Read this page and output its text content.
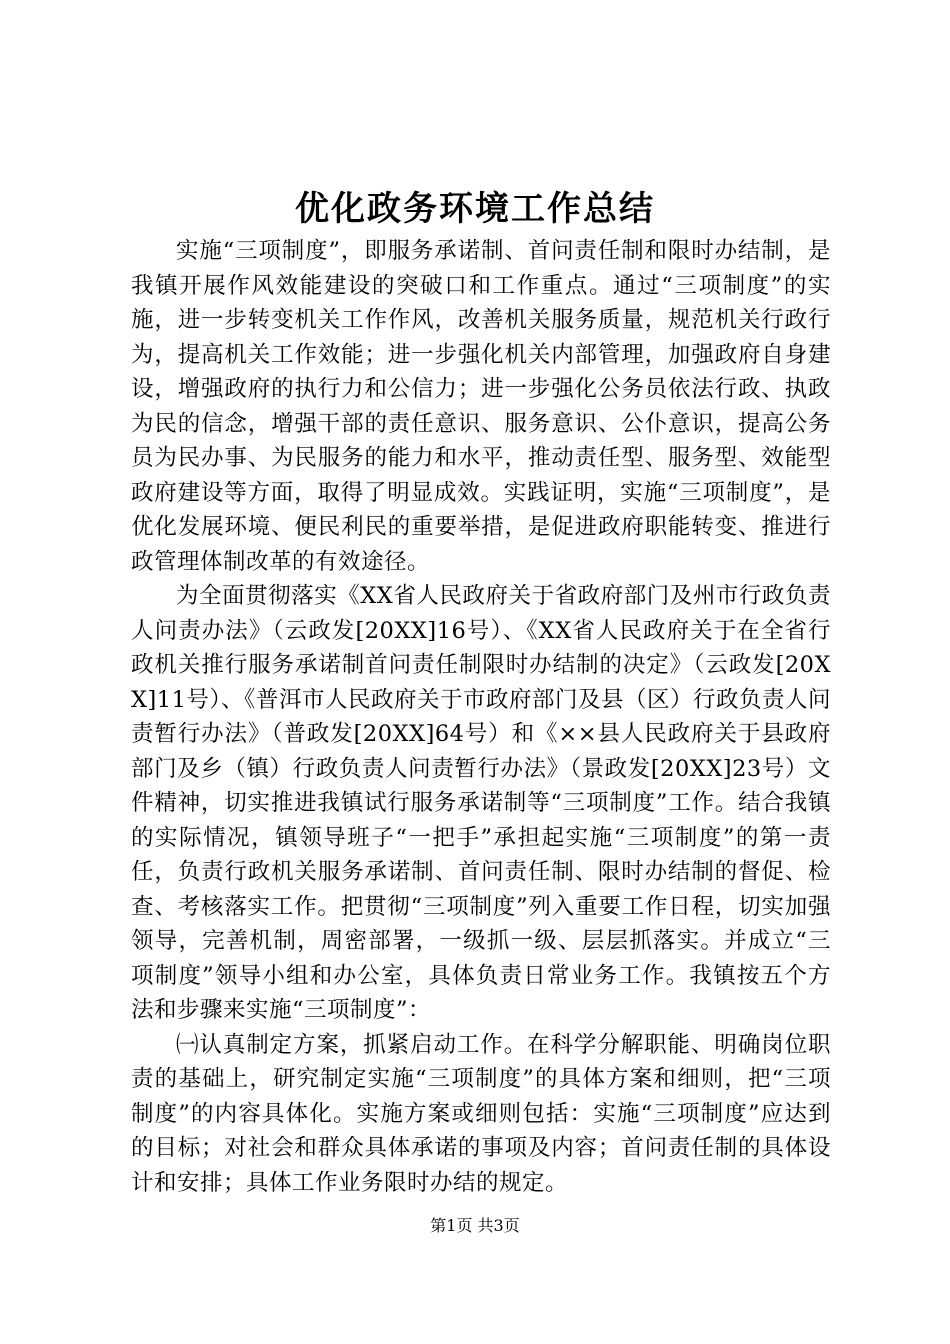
优化政务环境工作总结

实施“三项制度”，即服务承诺制、首问责任制和限时办结制，是我镇开展作风效能建设的突破口和工作重点。通过“三项制度”的实施，进一步转变机关工作作风，改善机关服务质量，规范机关行政行为，提高机关工作效能；进一步强化机关内部管理，加强政府自身建设，增强政府的执行力和公信力；进一步强化公务员依法行政、执政为民的信念，增强干部的责任意识、服务意识、公仆意识，提高公务员为民办事、为民服务的能力和水平，推动责任型、服务型、效能型政府建设等方面，取得了明显成效。实践证明，实施“三项制度”，是优化发展环境、便民利民的重要举措，是促进政府职能转变、推进行政管理体制改革的有效途径。

为全面贯彻落实《XX省人民政府关于省政府部门及州市行政负责人问责办法》（云政发[20XX]16号）、《XX省人民政府关于在全省行政机关推行服务承诺制首问责任制限时办结制的决定》（云政发[20XX]11号）、《普洱市人民政府关于市政府部门及县（区）行政负责人问责暂行办法》（普政发[20XX]64号）和《××县人民政府关于县政府部门及乡（镇）行政负责人问责暂行办法》（景政发[20XX]23号）文件精神，切实推进我镇试行服务承诺制等“三项制度”工作。结合我镇的实际情况，镇领导班子“一把手”承担起实施“三项制度”的第一责任，负责行政机关服务承诺制、首问责任制、限时办结制的督促、检查、考核落实工作。把贯彻“三项制度”列入重要工作日程，切实加强领导，完善机制，周密部署，一级抓一级、层层抓落实。并成立“三项制度”领导小组和办公室，具体负责日常业务工作。我镇按五个方法和步骤来实施“三项制度”：

㈠认真制定方案，抓紧启动工作。在科学分解职能、明确岗位职责的基础上，研究制定实施“三项制度”的具体方案和细则，把“三项制度”的内容具体化。实施方案或细则包括：实施“三项制度”应达到的目标；对社会和群众具体承诺的事项及内容；首问责任制的具体设计和安排；具体工作业务限时办结的规定。

第1页 共3页
